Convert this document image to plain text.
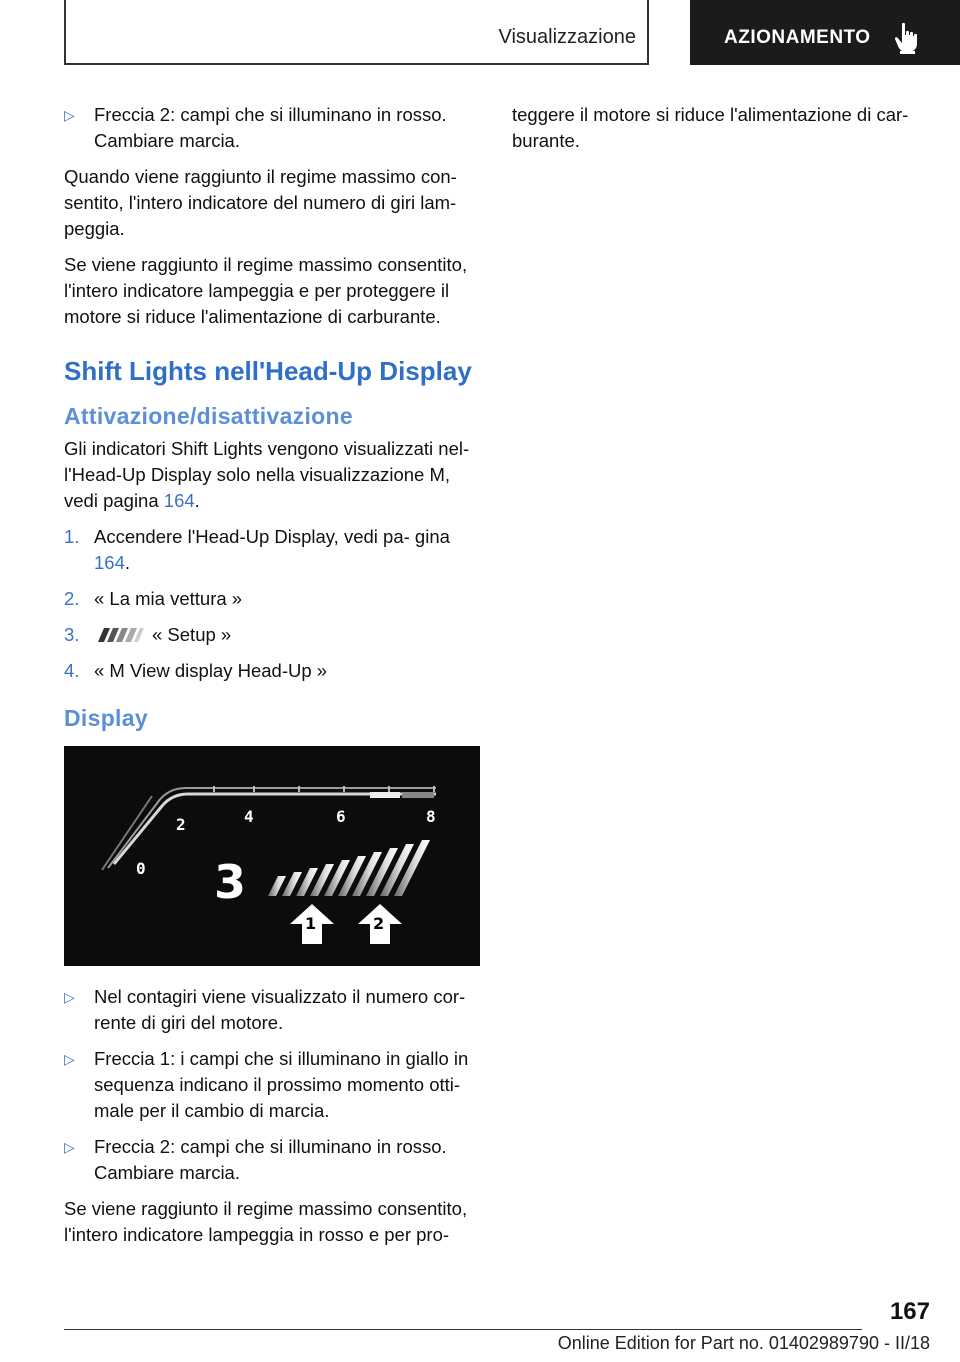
Visualizzazione	AZIONAMENTO
▷	Freccia 2: campi che si illuminano in rosso. Cambiare marcia.

Quando viene raggiunto il regime massimo con- sentito, l'intero indicatore del numero di giri lam- peggia.

Se viene raggiunto il regime massimo consentito, l'intero indicatore lampeggia e per proteggere il motore si riduce l'alimentazione di carburante.

Shift Lights nell'Head-Up Display
Attivazione/disattivazione

Gli indicatori Shift Lights vengono visualizzati nel- l'Head-Up Display solo nella visualizzazione M, vedi pagina 164.

1. Accendere l'Head-Up Display, vedi pa- gina 164.
2. « La mia vettura »
3.	« Setup »
4. « M View display Head-Up »
Display
0
2	4	6	8
3
1	2
▷	Nel contagiri viene visualizzato il numero cor- rente di giri del motore.
▷	Freccia 1: i campi che si illuminano in giallo in sequenza indicano il prossimo momento otti- male per il cambio di marcia.
▷	Freccia 2: campi che si illuminano in rosso. Cambiare marcia.

Se viene raggiunto il regime massimo consentito, l'intero indicatore lampeggia in rosso e per pro-

teggere il motore si riduce l'alimentazione di car- burante.

167
Online Edition for Part no. 01402989790 - II/18
